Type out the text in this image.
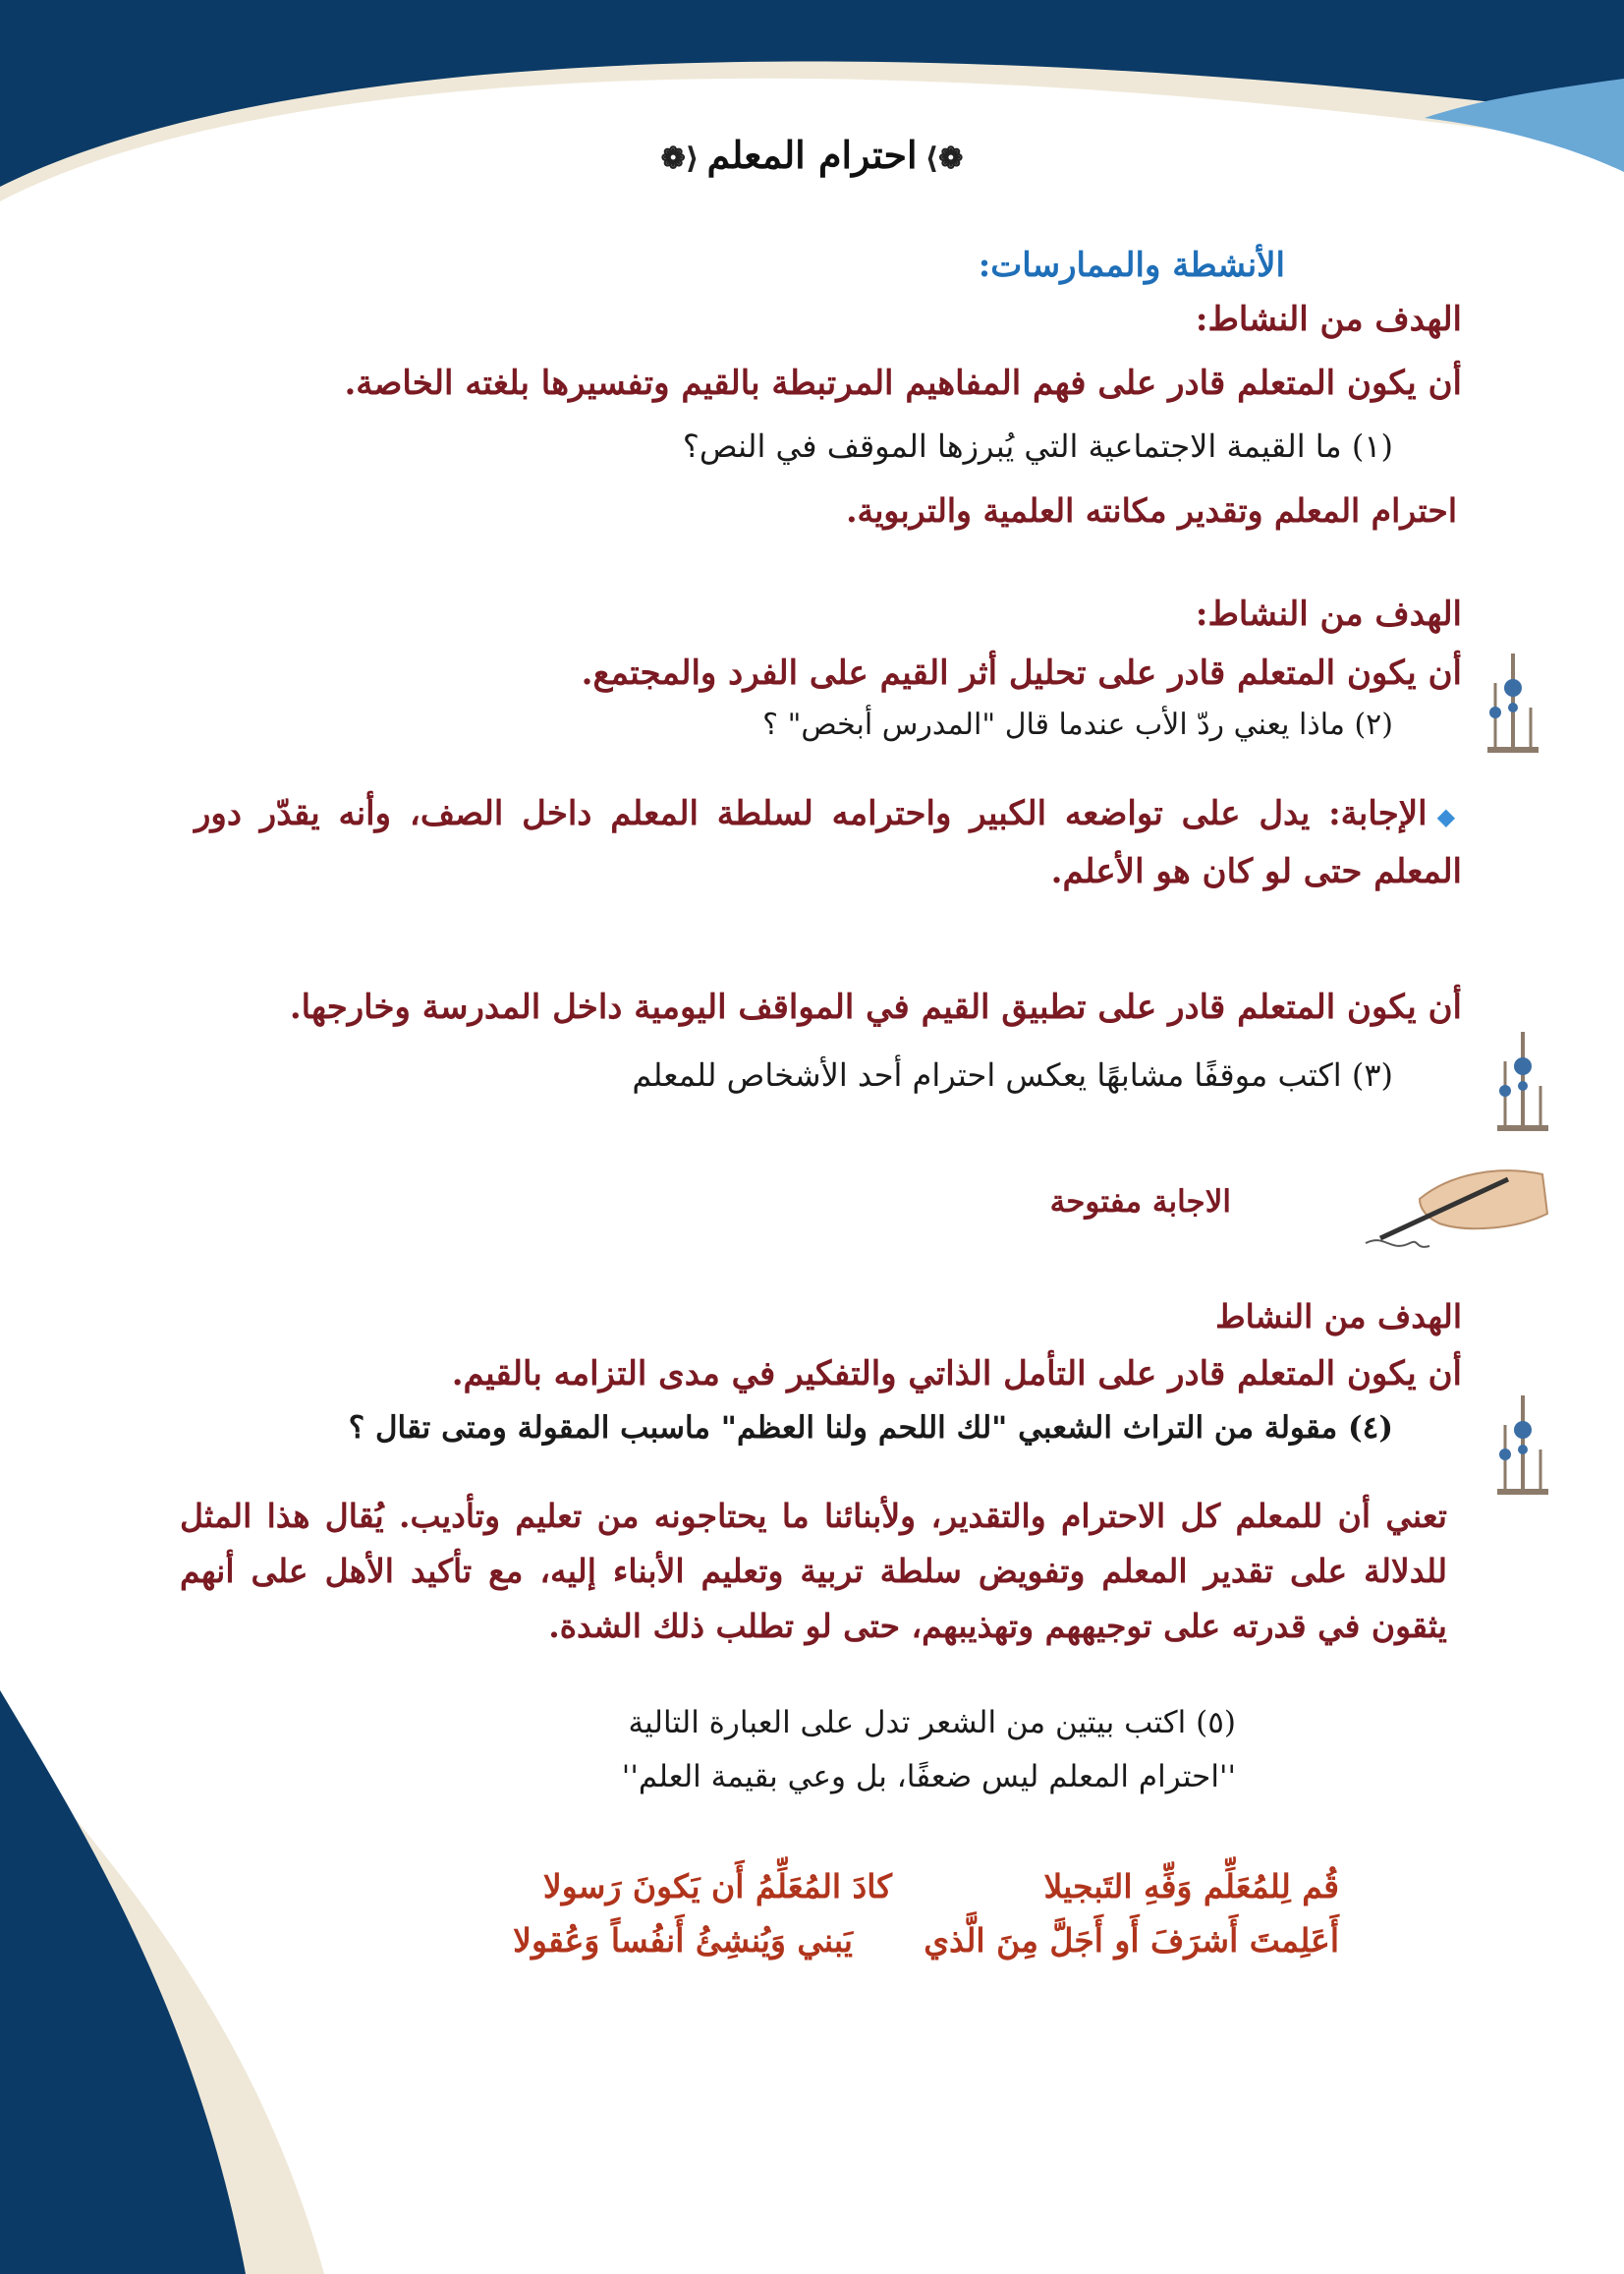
❁⟩احترام المعلم⟨❁
الأنشطة والممارسات:
الهدف من النشاط:
أن يكون المتعلم قادر على فهم المفاهيم المرتبطة بالقيم وتفسيرها بلغته الخاصة.
(١) ما القيمة الاجتماعية التي يُبرزها الموقف في النص؟
احترام المعلم وتقدير مكانته العلمية والتربوية.
الهدف من النشاط:
أن يكون المتعلم قادر على تحليل أثر القيم على الفرد والمجتمع.
(٢) ماذا يعني ردّ الأب عندما قال "المدرس أبخص" ؟
◆الإجابة: يدل على تواضعه الكبير واحترامه لسلطة المعلم داخل الصف، وأنه يقدّر دور المعلم حتى لو كان هو الأعلم.
أن يكون المتعلم قادر على تطبيق القيم في المواقف اليومية داخل المدرسة وخارجها.
(٣) اكتب موقفًا مشابهًا يعكس احترام أحد الأشخاص للمعلم
الاجابة مفتوحة
الهدف من النشاط
أن يكون المتعلم قادر على التأمل الذاتي والتفكير في مدى التزامه بالقيم.
(٤) مقولة من التراث الشعبي "لك اللحم ولنا العظم" ماسبب المقولة ومتى تقال ؟
تعني أن للمعلم كل الاحترام والتقدير، ولأبنائنا ما يحتاجونه من تعليم وتأديب. يُقال هذا المثل للدلالة على تقدير المعلم وتفويض سلطة تربية وتعليم الأبناء إليه، مع تأكيد الأهل على أنهم يثقون في قدرته على توجيههم وتهذيبهم، حتى لو تطلب ذلك الشدة.
(٥) اكتب بيتين من الشعر تدل على العبارة التالية
''احترام المعلم ليس ضعفًا، بل وعي بقيمة العلم''
قُم لِلمُعَلِّم وَفِّهِ التَبجيلا
كادَ المُعَلِّمُ أَن يَكونَ رَسولا
أَعَلِمتَ أَشرَفَ أَو أَجَلَّ مِنَ الَّذي
يَبني وَيُنشِئُ أَنفُساً وَعُقولا
